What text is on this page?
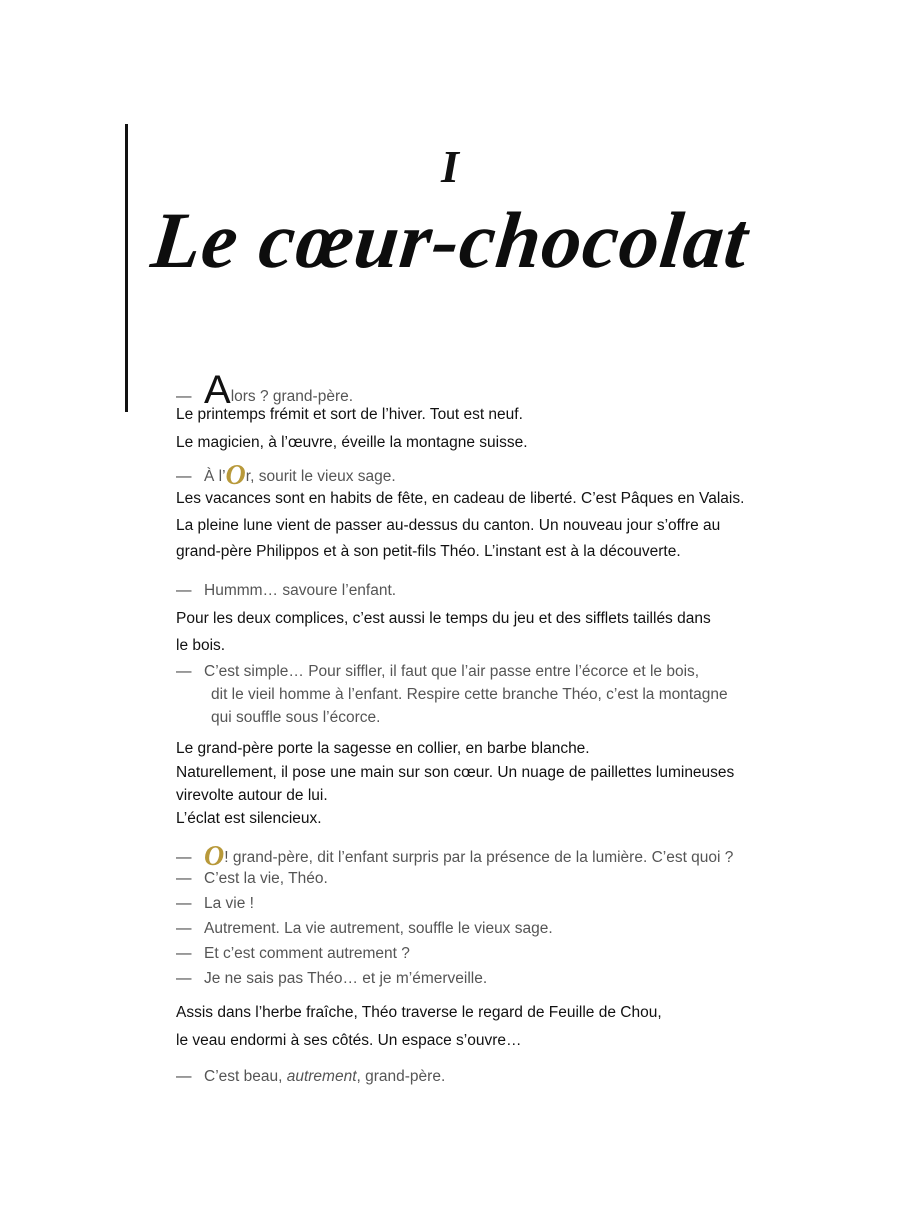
I
Le cœur-chocolat
— Alors ? grand-père.
Le printemps frémit et sort de l’hiver. Tout est neuf.
Le magicien, à l’œuvre, éveille la montagne suisse.
— À l’Or, sourit le vieux sage.
Les vacances sont en habits de fête, en cadeau de liberté. C’est Pâques en Valais.
La pleine lune vient de passer au-dessus du canton. Un nouveau jour s’offre au
grand-père Philippos et à son petit-fils Théo. L’instant est à la découverte.
— Hummm… savoure l’enfant.
Pour les deux complices, c’est aussi le temps du jeu et des sifflets taillés dans
le bois.
— C’est simple… Pour siffler, il faut que l’air passe entre l’écorce et le bois,
dit le vieil homme à l’enfant. Respire cette branche Théo, c’est la montagne
qui souffle sous l’écorce.
Le grand-père porte la sagesse en collier, en barbe blanche.
Naturellement, il pose une main sur son cœur. Un nuage de paillettes lumineuses
virevolte autour de lui.
L’éclat est silencieux.
— O! grand-père, dit l’enfant surpris par la présence de la lumière. C’est quoi ?
— C’est la vie, Théo.
— La vie !
— Autrement. La vie autrement, souffle le vieux sage.
— Et c’est comment autrement ?
— Je ne sais pas Théo… et je m’émerveille.
Assis dans l’herbe fraîche, Théo traverse le regard de Feuille de Chou,
le veau endormi à ses côtés. Un espace s’ouvre…
— C’est beau, autrement, grand-père.
